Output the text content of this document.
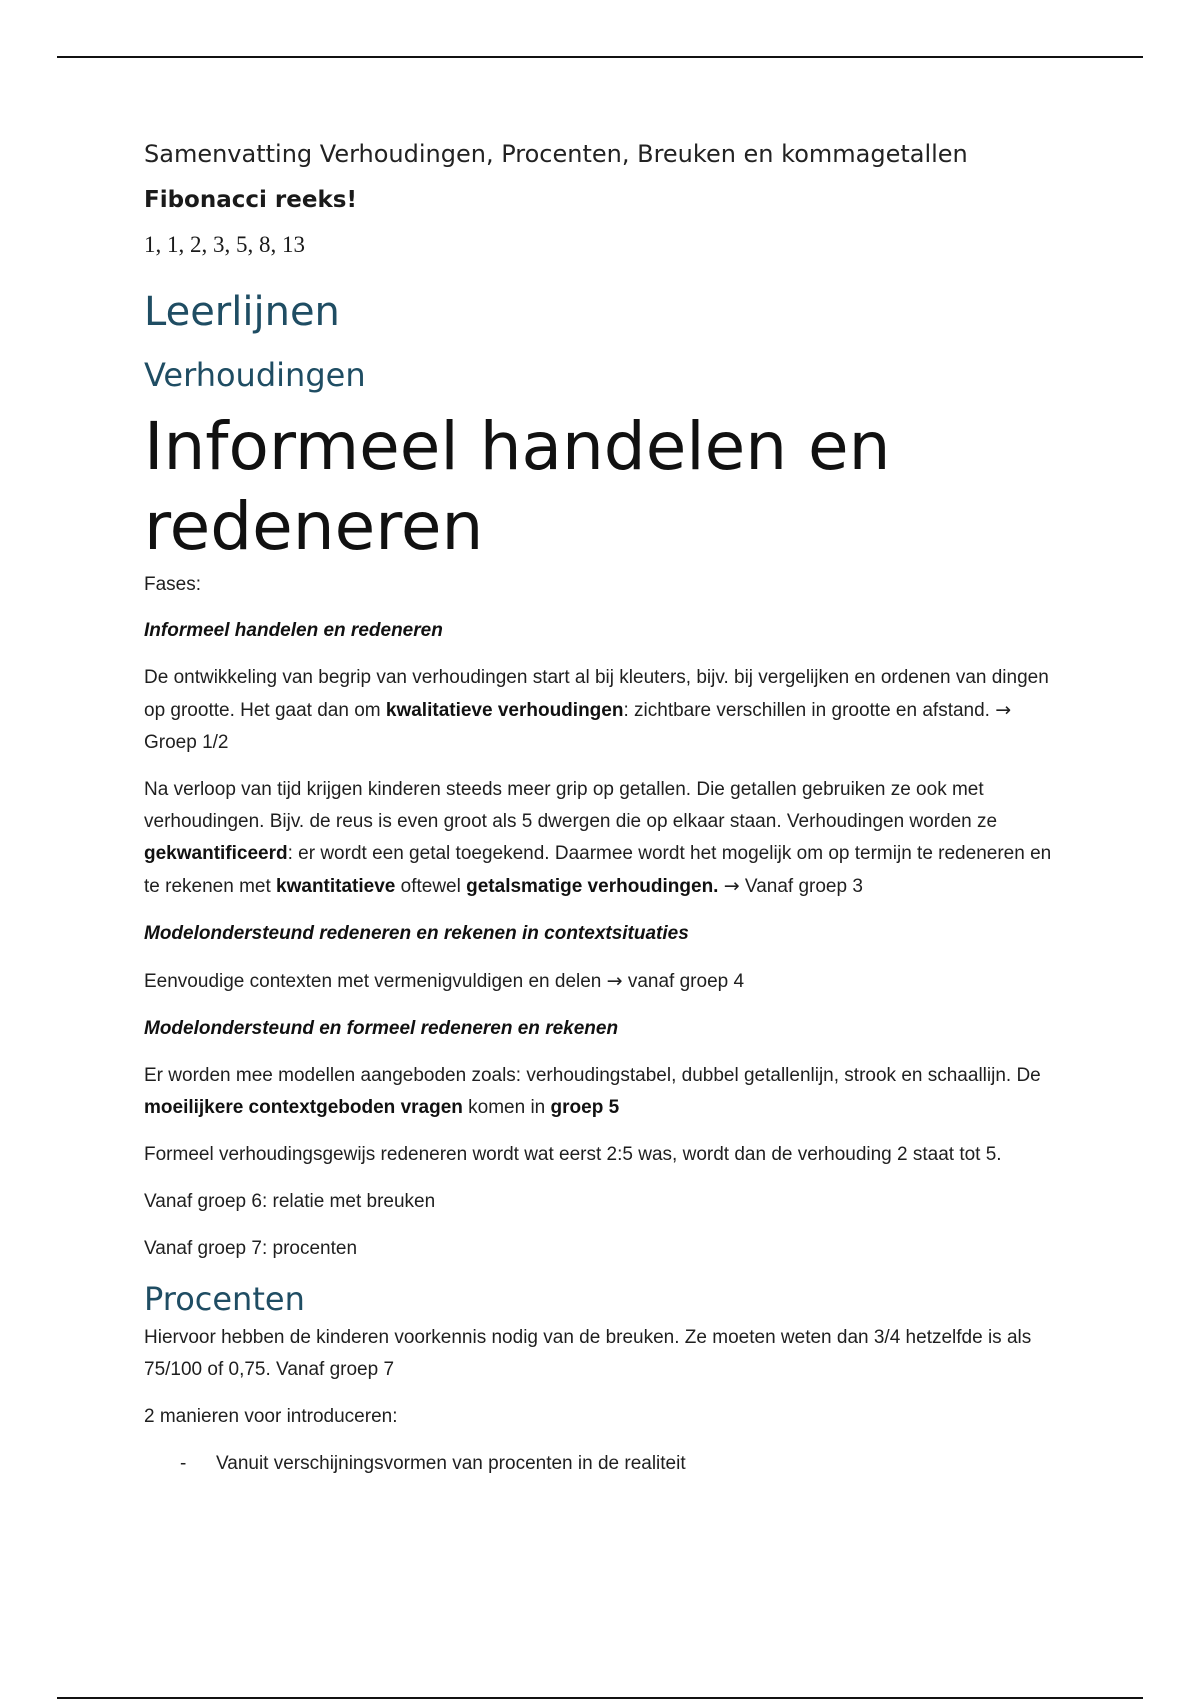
Samenvatting Verhoudingen, Procenten, Breuken en kommagetallen

Fibonacci reeks!

1, 1, 2, 3, 5, 8, 13

Leerlijnen
Verhoudingen
Informeel handelen en redeneren

Fases:

Informeel handelen en redeneren

De ontwikkeling van begrip van verhoudingen start al bij kleuters, bijv. bij vergelijken en ordenen van dingen op grootte. Het gaat dan om kwalitatieve verhoudingen: zichtbare verschillen in grootte en afstand. → Groep 1/2

Na verloop van tijd krijgen kinderen steeds meer grip op getallen. Die getallen gebruiken ze ook met verhoudingen. Bijv. de reus is even groot als 5 dwergen die op elkaar staan. Verhoudingen worden ze gekwantificeerd: er wordt een getal toegekend. Daarmee wordt het mogelijk om op termijn te redeneren en te rekenen met kwantitatieve oftewel getalsmatige verhoudingen. → Vanaf groep 3

Modelondersteund redeneren en rekenen in contextsituaties

Eenvoudige contexten met vermenigvuldigen en delen → vanaf groep 4

Modelondersteund en formeel redeneren en rekenen

Er worden mee modellen aangeboden zoals: verhoudingstabel, dubbel getallenlijn, strook en schaallijn. De moeilijkere contextgeboden vragen komen in groep 5

Formeel verhoudingsgewijs redeneren wordt wat eerst 2:5 was, wordt dan de verhouding 2 staat tot 5.

Vanaf groep 6: relatie met breuken

Vanaf groep 7: procenten

Procenten

Hiervoor hebben de kinderen voorkennis nodig van de breuken. Ze moeten weten dan 3/4 hetzelfde is als 75/100 of 0,75. Vanaf groep 7

2 manieren voor introduceren:

-	Vanuit verschijningsvormen van procenten in de realiteit
